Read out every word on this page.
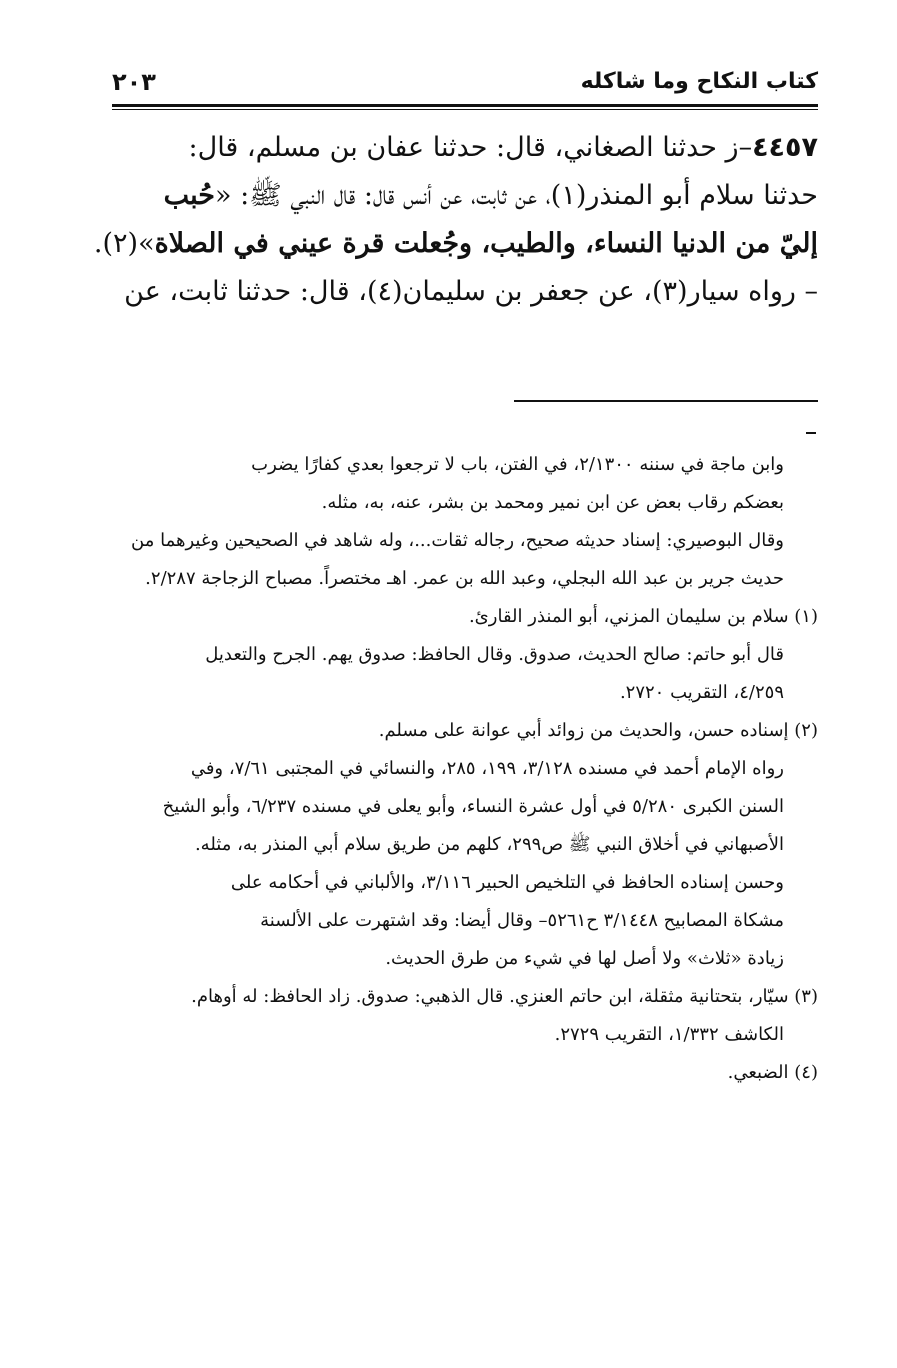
كتاب النكاح وما شاكله
٢٠٣
٤٤٥٧–ز حدثنا الصغاني، قال: حدثنا عفان بن مسلم، قال:
حدثنا سلام أبو المنذر(١)، عن ثابت، عن أنس قال: قال النبي ﷺ: «حُبب
إليّ من الدنيا النساء، والطيب، وجُعلت قرة عيني في الصلاة»(٢).
– رواه سيار(٣)، عن جعفر بن سليمان(٤)، قال: حدثنا ثابت، عن
وابن ماجة في سننه ٢/١٣٠٠، في الفتن، باب لا ترجعوا بعدي كفارًا يضرب
بعضكم رقاب بعض عن ابن نمير ومحمد بن بشر، عنه، به، مثله.
وقال البوصيري: إسناد حديثه صحيح، رجاله ثقات...، وله شاهد في الصحيحين وغيرهما من
حديث جرير بن عبد الله البجلي، وعبد الله بن عمر. اهـ مختصراً. مصباح الزجاجة ٢/٢٨٧.
(١) سلام بن سليمان المزني، أبو المنذر القارئ.
قال أبو حاتم: صالح الحديث، صدوق. وقال الحافظ: صدوق يهم. الجرح والتعديل
٤/٢٥٩، التقريب ٢٧٢٠.
(٢) إسناده حسن، والحديث من زوائد أبي عوانة على مسلم.
رواه الإمام أحمد في مسنده ٣/١٢٨، ١٩٩، ٢٨٥، والنسائي في المجتبى ٧/٦١، وفي
السنن الكبرى ٥/٢٨٠ في أول عشرة النساء، وأبو يعلى في مسنده ٦/٢٣٧، وأبو الشيخ
الأصبهاني في أخلاق النبي ﷺ ص٢٩٩، كلهم من طريق سلام أبي المنذر به، مثله.
وحسن إسناده الحافظ في التلخيص الحبير ٣/١١٦، والألباني في أحكامه على
مشكاة المصابيح ٣/١٤٤٨ ح٥٢٦١– وقال أيضا: وقد اشتهرت على الألسنة
زيادة «ثلاث» ولا أصل لها في شيء من طرق الحديث.
(٣) سيّار، بتحتانية مثقلة، ابن حاتم العنزي. قال الذهبي: صدوق. زاد الحافظ: له أوهام.
الكاشف ١/٣٣٢، التقريب ٢٧٢٩.
(٤) الضبعي.
